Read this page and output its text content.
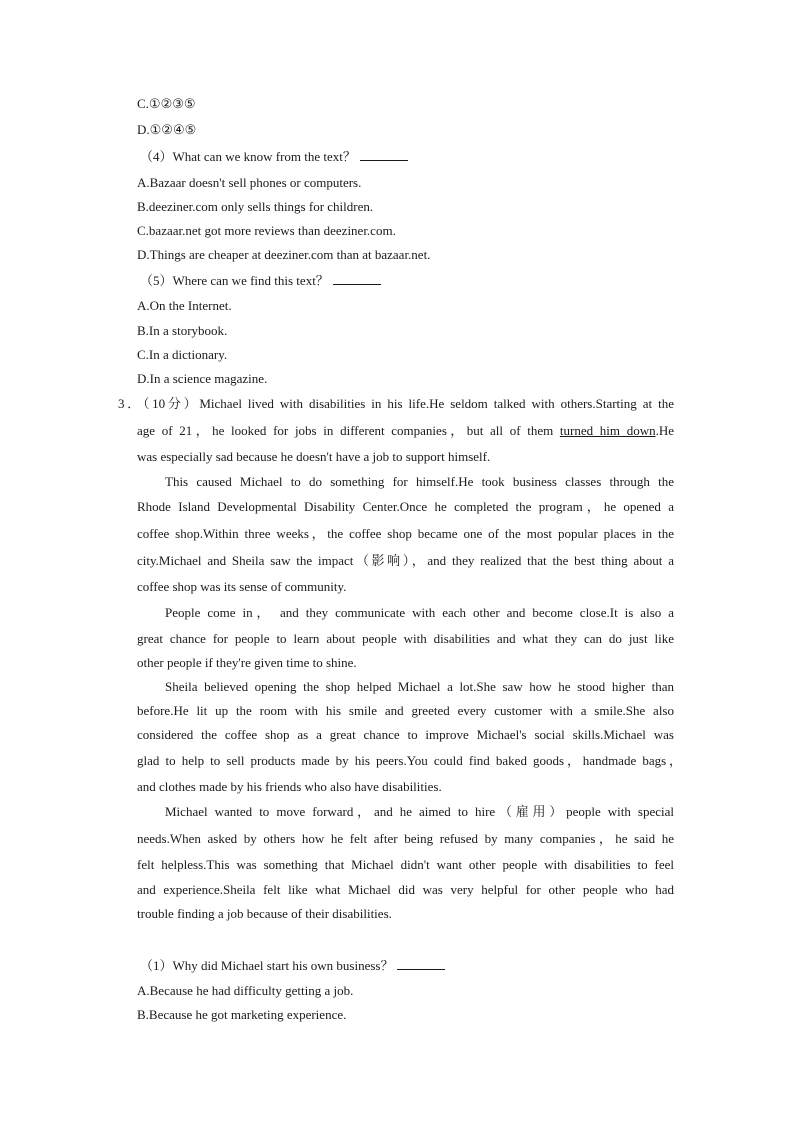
C.①②③⑤
D.①②④⑤
（4）What can we know from the text？
A.Bazaar doesn't sell phones or computers.
B.deeziner.com only sells things for children.
C.bazaar.net got more reviews than deeziner.com.
D.Things are cheaper at deeziner.com than at bazaar.net.
（5）Where can we find this text？
A.On the Internet.
B.In a storybook.
C.In a dictionary.
D.In a science magazine.
3．（10分）Michael lived with disabilities in his life.He seldom talked with others.Starting at the
age of 21，he looked for jobs in different companies，but all of them turned him down.He
was especially sad because he doesn't have a job to support himself.
This caused Michael to do something for himself.He took business classes through the
Rhode Island Developmental Disability Center.Once he completed the program，he opened a
coffee shop.Within three weeks，the coffee shop became one of the most popular places in the
city.Michael and Sheila saw the impact（影响），and they realized that the best thing about a
coffee shop was its sense of community.
People come in， and they communicate with each other and become close.It is also a
great chance for people to learn about people with disabilities and what they can do just like
other people if they're given time to shine.
Sheila believed opening the shop helped Michael a lot.She saw how he stood higher than
before.He lit up the room with his smile and greeted every customer with a smile.She also
considered the coffee shop as a great chance to improve Michael's social skills.Michael was
glad to help to sell products made by his peers.You could find baked goods，handmade bags，
and clothes made by his friends who also have disabilities.
Michael wanted to move forward，and he aimed to hire（雇用）people with special
needs.When asked by others how he felt after being refused by many companies，he said he
felt helpless.This was something that Michael didn't want other people with disabilities to feel
and experience.Sheila felt like what Michael did was very helpful for other people who had
trouble finding a job because of their disabilities.
（1）Why did Michael start his own business？
A.Because he had difficulty getting a job.
B.Because he got marketing experience.
